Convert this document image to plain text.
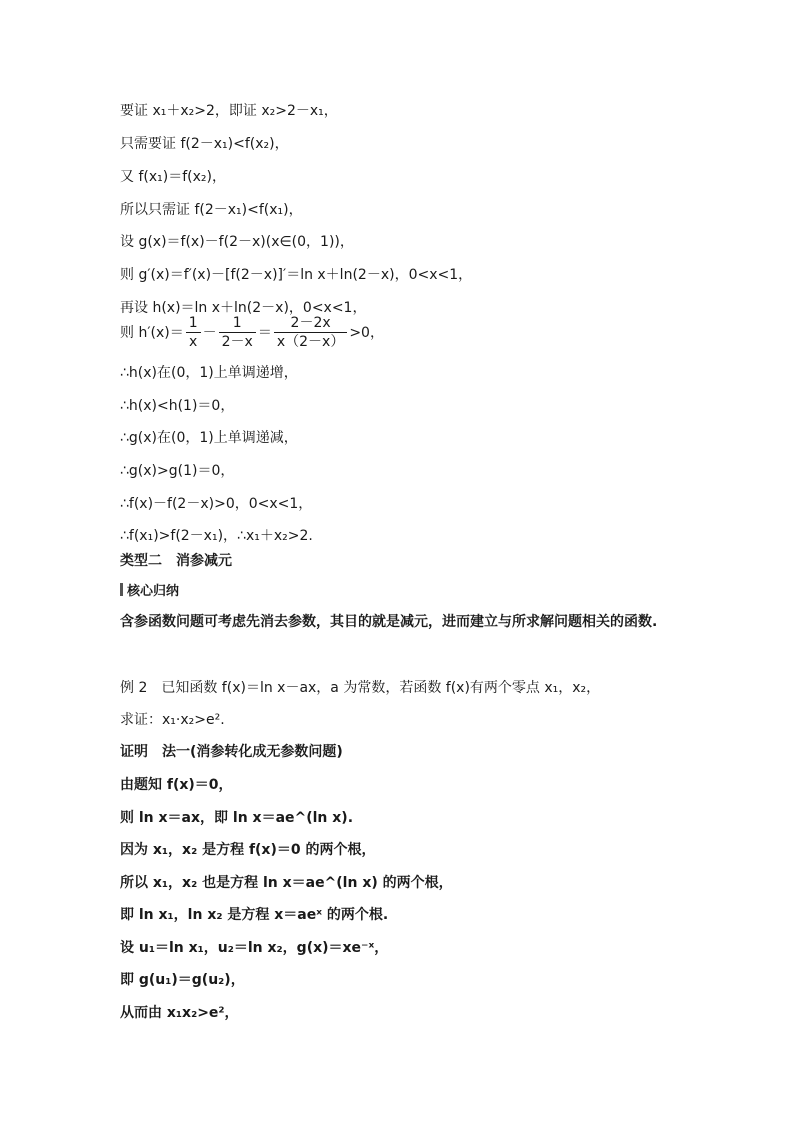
要证 x₁＋x₂>2，即证 x₂>2－x₁，
只需要证 f(2－x₁)<f(x₂)，
又 f(x₁)＝f(x₂)，
所以只需证 f(2－x₁)<f(x₁)，
设 g(x)＝f(x)－f(2－x)(x∈(0，1))，
则 g′(x)＝f′(x)－[f(2－x)]′＝ln x＋ln(2－x)，0<x<1，
再设 h(x)＝ln x＋ln(2－x)，0<x<1，
则 $h'(x)= \frac{1}{x} - \frac{1}{2-x} = \frac{2-2x}{x(2-x)} >0$，
∴h(x)在(0，1)上单调递增，
∴h(x)<h(1)＝0，
∴g(x)在(0，1)上单调递减，
∴g(x)>g(1)＝0，
∴f(x)－f(2－x)>0，0<x<1，
∴f(x₁)>f(2－x₁)，∴x₁＋x₂>2.
类型二　消参减元
核心归纳
含参函数问题可考虑先消去参数，其目的就是减元，进而建立与所求解问题相关的函数.
例 2　已知函数 f(x)＝ln x－ax，a 为常数，若函数 f(x)有两个零点 x₁，x₂，
求证：x₁·x₂>e².
证明　法一(消参转化成无参数问题)
由题知 f(x)＝0，
则 ln x＝ax，即 ln x＝ae^(ln x).
因为 x₁，x₂ 是方程 f(x)＝0 的两个根，
所以 x₁，x₂ 也是方程 ln x＝ae^(ln x) 的两个根，
即 ln x₁，ln x₂ 是方程 x＝aeˣ 的两个根.
设 u₁＝ln x₁，u₂＝ln x₂，g(x)＝xe⁻ˣ，
即 g(u₁)＝g(u₂)，
从而由 x₁x₂>e²，
